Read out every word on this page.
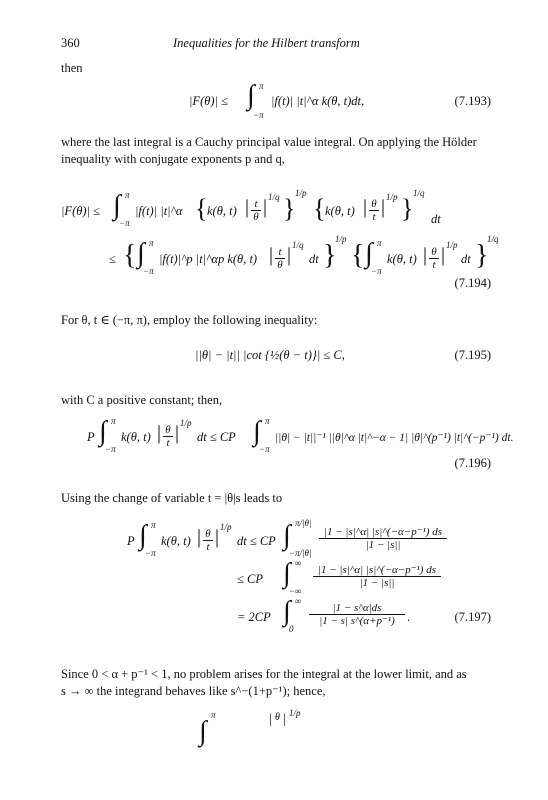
360	Inequalities for the Hilbert transform
then
|F(θ)| ≤ ∫ π
−π
|f(t)| |t|^α k(θ, t)dt,	(7.193)
where the last integral is a Cauchy principal value integral. On applying the Hölder
inequality with conjugate exponents p and q,
|F(θ)| ≤ ∫ π
−π
|f(t)| |t|^α { k(θ, t) | $\frac{t}{\theta}$ | 1/q }
1/p
{ k(θ, t) | $\frac{\theta}{t}$ | 1/p }
1/q
dt
≤ { ∫ π
−π
|f(t)|^p |t|^αp k(θ, t) | $\frac{t}{\theta}$ | 1/q
dt }
1/p
{ ∫ π
−π
k(θ, t) | $\frac{\theta}{t}$ | 1/p
dt }
1/q
(7.194)
For θ, t ∈ (−π, π), employ the following inequality:
||θ| − |t|| |cot {½(θ − t)}| ≤ C,	(7.195)
with C a positive constant; then,
P ∫ π
−π
k(θ, t) | $\frac{\theta}{t}$ | 1/p
dt ≤ CP ∫ π
−π
||θ| − |t||⁻¹ ||θ|^α |t|^−α − 1| |θ|^(p⁻¹) |t|^(−p⁻¹) dt.
(7.196)
Using the change of variable t = |θ|s leads to
P ∫ π
−π
k(θ, t) | $\frac{\theta}{t}$ | 1/p
dt ≤ CP ∫ π/|θ|
−π/|θ|
$\frac{\text{|1 − |s|\textasciicircum{}α| |s|\textasciicircum{}(−α−p⁻¹) ds}}{|1 - |s||}$
≤ CP ∫ ∞
−∞
$\frac{\text{|1 − |s|\textasciicircum{}α| |s|\textasciicircum{}(−α−p⁻¹) ds}}{|1 - |s||}$
= 2CP ∫ ∞
0
$\frac{|1 - s\^{}\alpha|ds}{\text{|1 − s| s\textasciicircum{}(α+p⁻¹)}}$ .	(7.197)
Since 0 < α + p⁻¹ < 1, no problem arises for the integral at the lower limit, and as
s → ∞ the integrand behaves like s^−(1+p⁻¹); hence,
π	| θ | 1/p
∫
